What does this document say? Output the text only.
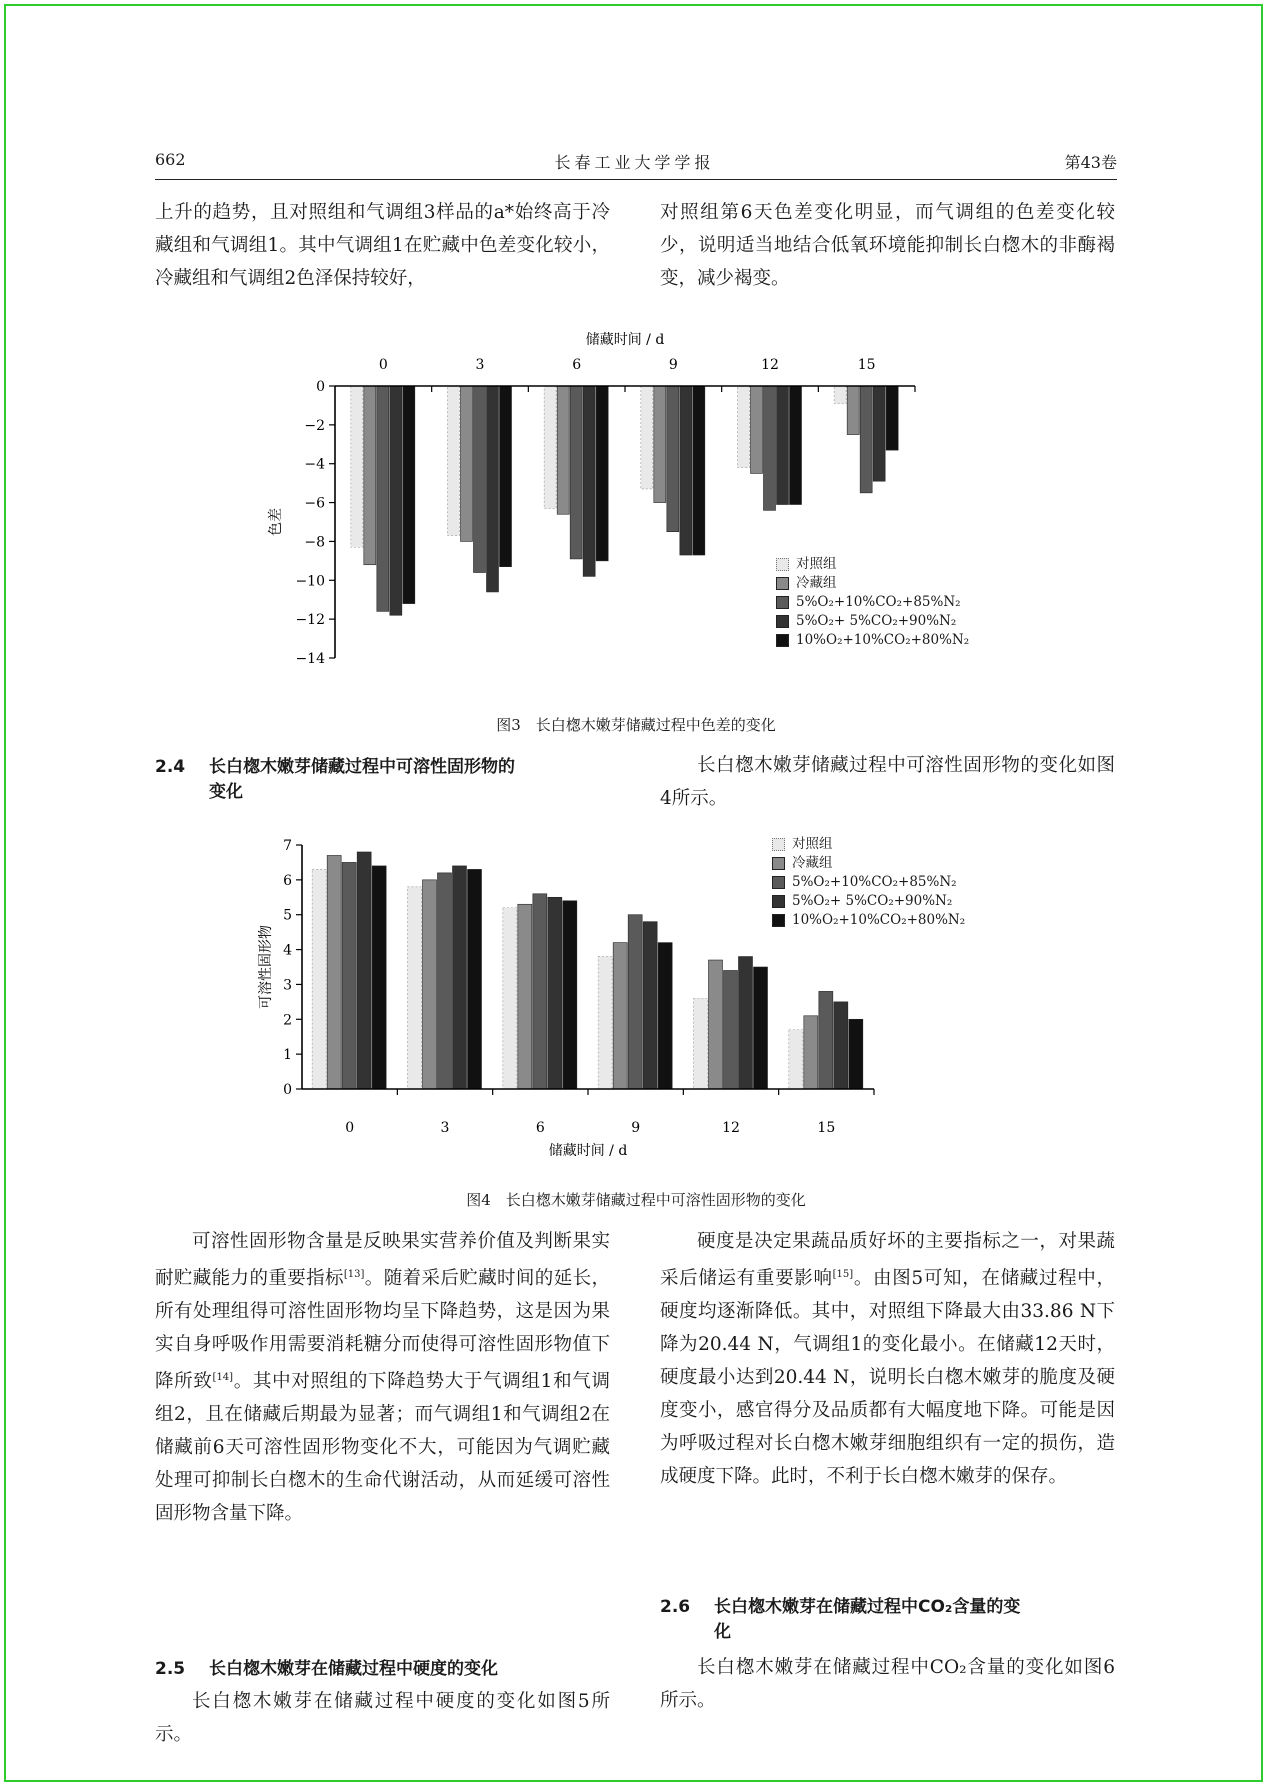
662	长春工业大学学报	第43卷

上升的趋势，且对照组和气调组3样品的a*始终高于冷藏组和气调组1。其中气调组1在贮藏中色差变化较小，冷藏组和气调组2色泽保持较好，

对照组第6天色差变化明显，而气调组的色差变化较少，说明适当地结合低氧环境能抑制长白楤木的非酶褐变，减少褐变。

0
−2
−4
−6
−8
−10
−12
−14
0	3	6	9	12	15
储藏时间 / d
色差
对照组
冷藏组
5%O₂+10%CO₂+85%N₂
5%O₂+ 5%CO₂+90%N₂
10%O₂+10%CO₂+80%N₂
图3　长白楤木嫩芽储藏过程中色差的变化
2.4 长白楤木嫩芽储藏过程中可溶性固形物的
变化

长白楤木嫩芽储藏过程中可溶性固形物的变化如图4所示。

0
1
2
3
4
5
6
7
0	3	6	9	12	15
储藏时间 / d
可溶性固形物
对照组
冷藏组
5%O₂+10%CO₂+85%N₂
5%O₂+ 5%CO₂+90%N₂
10%O₂+10%CO₂+80%N₂
图4　长白楤木嫩芽储藏过程中可溶性固形物的变化

可溶性固形物含量是反映果实营养价值及判断果实耐贮藏能力的重要指标[13]。随着采后贮藏时间的延长，所有处理组得可溶性固形物均呈下降趋势，这是因为果实自身呼吸作用需要消耗糖分而使得可溶性固形物值下降所致[14]。其中对照组的下降趋势大于气调组1和气调组2，且在储藏后期最为显著；而气调组1和气调组2在储藏前6天可溶性固形物变化不大，可能因为气调贮藏处理可抑制长白楤木的生命代谢活动，从而延缓可溶性固形物含量下降。

2.5 长白楤木嫩芽在储藏过程中硬度的变化

长白楤木嫩芽在储藏过程中硬度的变化如图5所示。

硬度是决定果蔬品质好坏的主要指标之一，对果蔬采后储运有重要影响[15]。由图5可知，在储藏过程中，硬度均逐渐降低。其中，对照组下降最大由33.86 N下降为20.44 N，气调组1的变化最小。在储藏12天时，硬度最小达到20.44 N，说明长白楤木嫩芽的脆度及硬度变小，感官得分及品质都有大幅度地下降。可能是因为呼吸过程对长白楤木嫩芽细胞组织有一定的损伤，造成硬度下降。此时，不利于长白楤木嫩芽的保存。

2.6 长白楤木嫩芽在储藏过程中CO₂含量的变
化

长白楤木嫩芽在储藏过程中CO₂含量的变化如图6所示。
